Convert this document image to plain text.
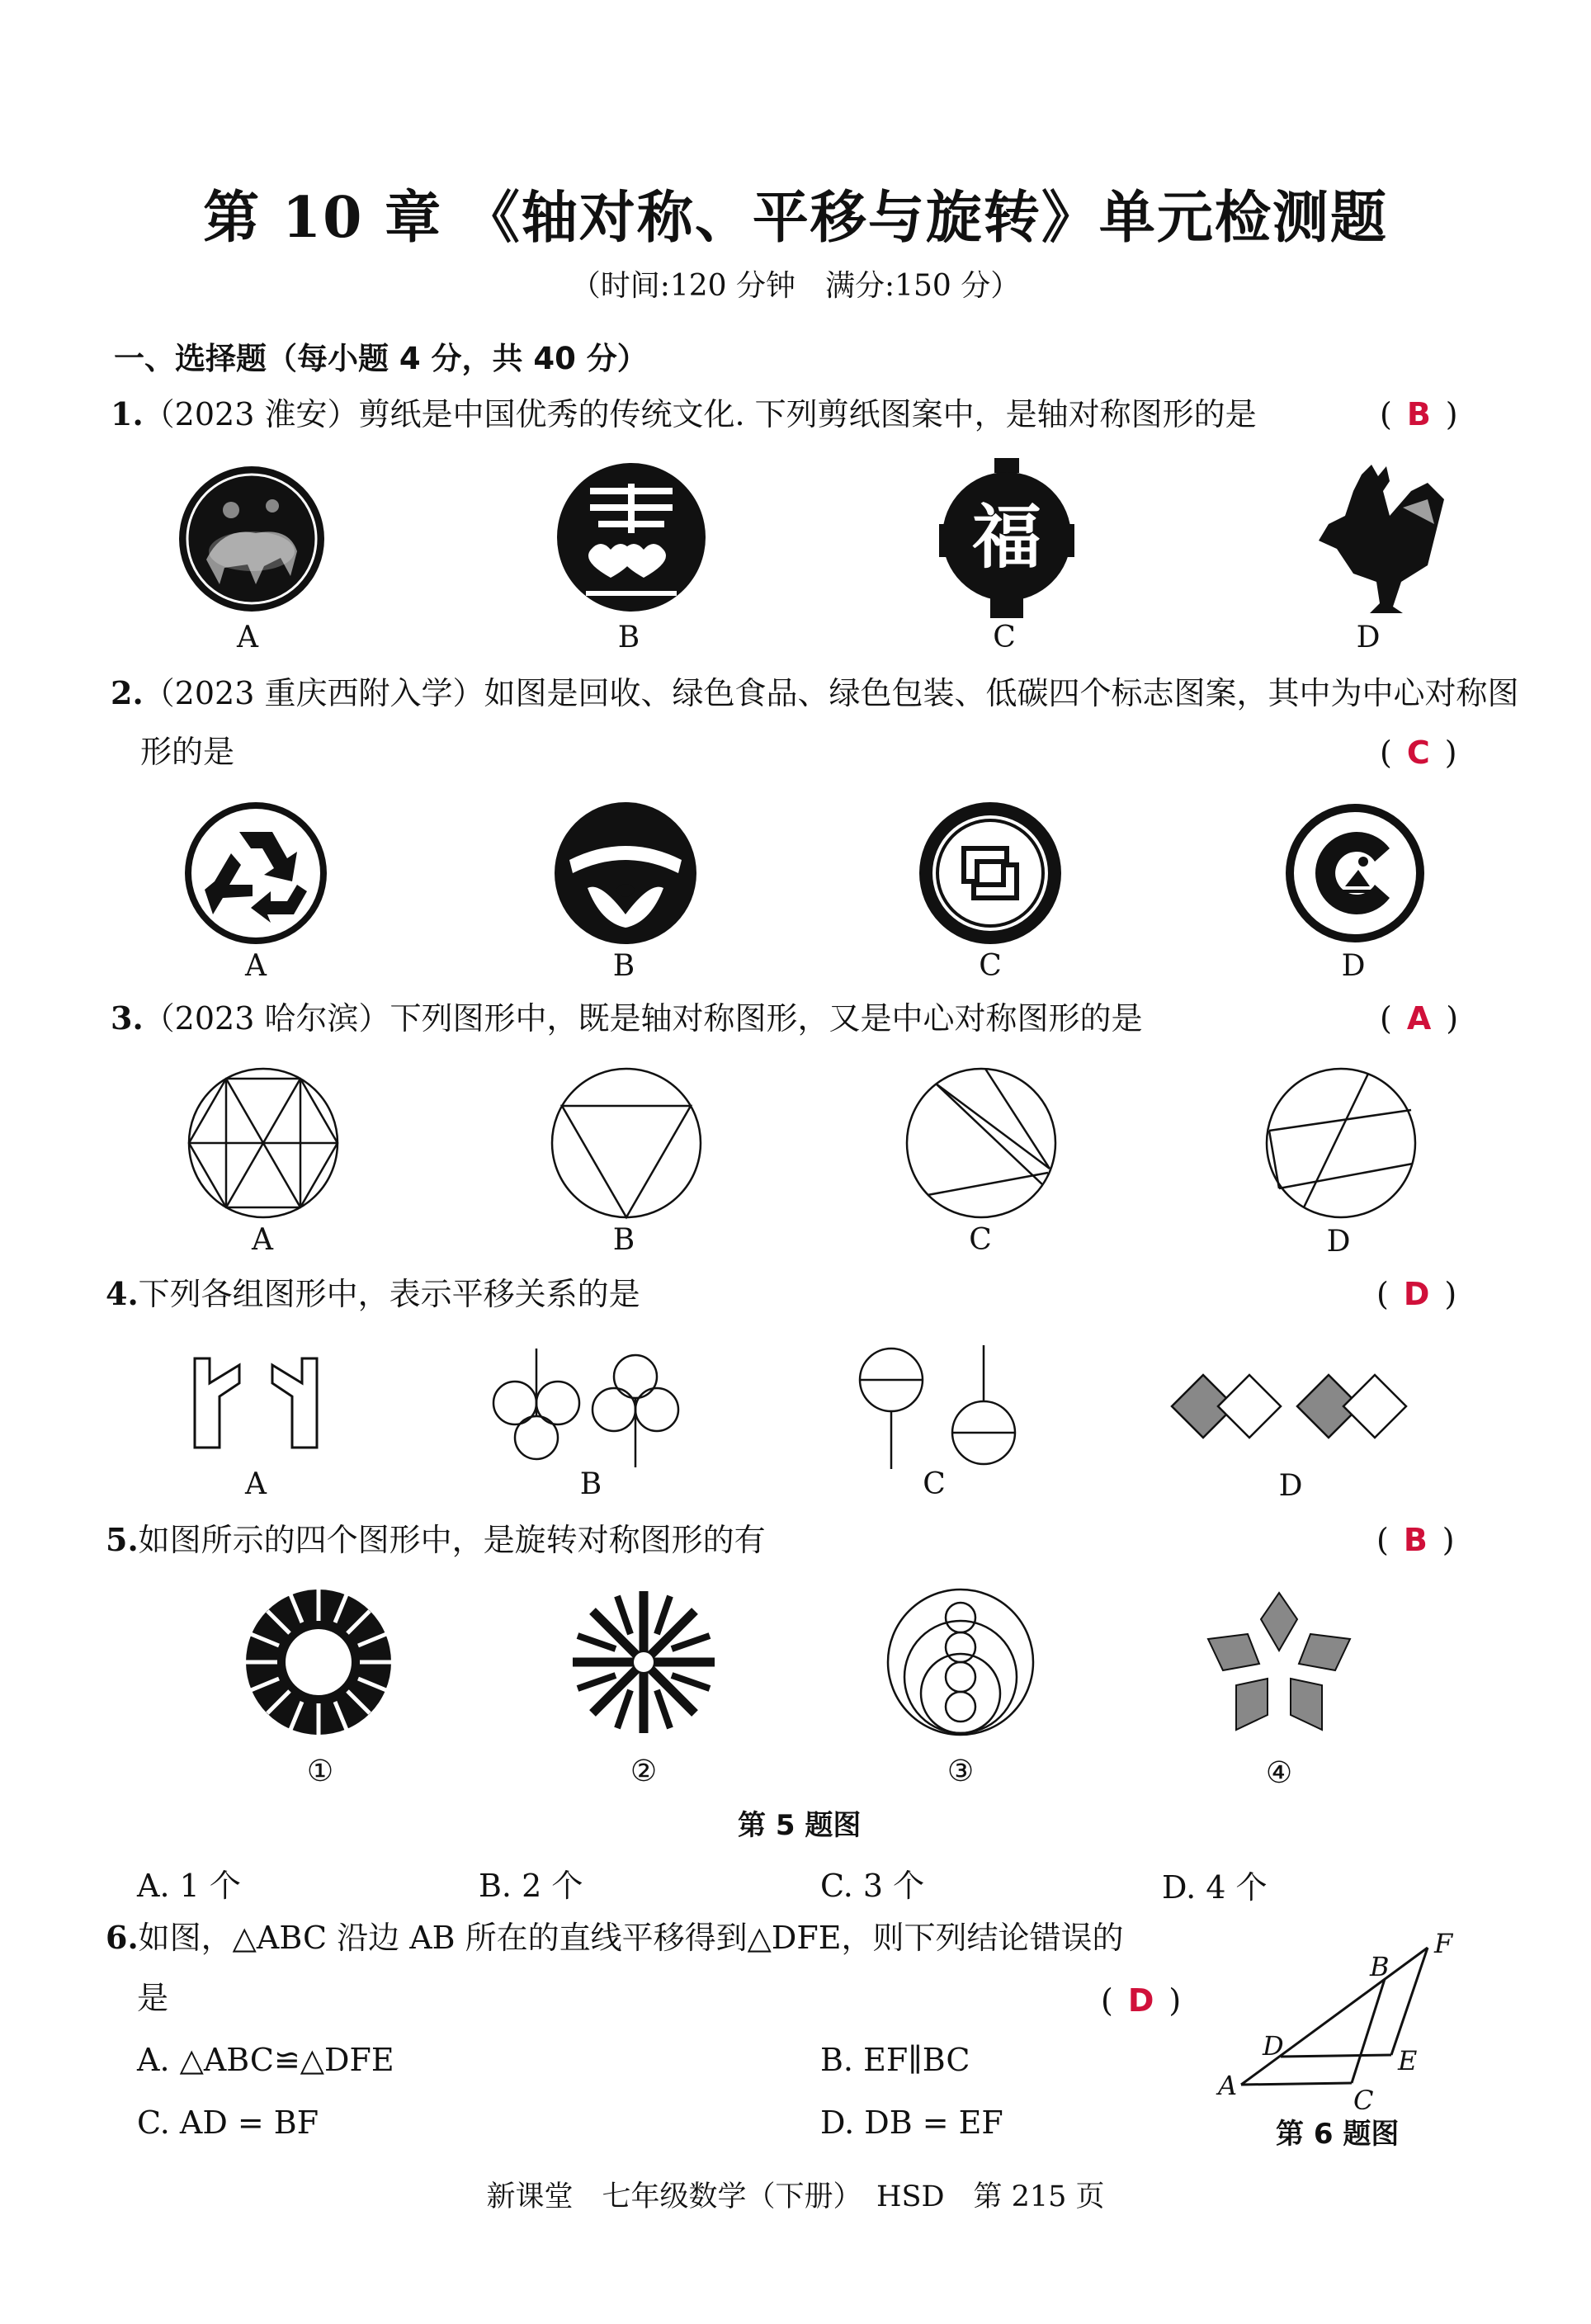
第 10 章 《轴对称、平移与旋转》单元检测题
（时间:120 分钟　满分:150 分）
一、选择题（每小题 4 分，共 40 分）
1.（2023 淮安）剪纸是中国优秀的传统文化. 下列剪纸图案中，是轴对称图形的是	( B )
福
A	B	C	D
2.（2023 重庆西附入学）如图是回收、绿色食品、绿色包装、低碳四个标志图案，其中为中心对称图
形的是	( C )
A	B	C	D
3.（2023 哈尔滨）下列图形中，既是轴对称图形，又是中心对称图形的是	( A )
A	B	C	D
4.下列各组图形中，表示平移关系的是	( D )
A	B	C	D
5.如图所示的四个图形中，是旋转对称图形的有	( B )
①	②	③	④
第 5 题图
A. 1 个	B. 2 个	C. 3 个	D. 4 个
6.如图，△ABC 沿边 AB 所在的直线平移得到△DFE，则下列结论错误的
是	( D )
A. △ABC≌△DFE	B. EF∥BC
C. AD = BF	D. DB = EF
A
B
C
D	E
F
第 6 题图
新课堂　七年级数学（下册）　HSD　第 215 页
